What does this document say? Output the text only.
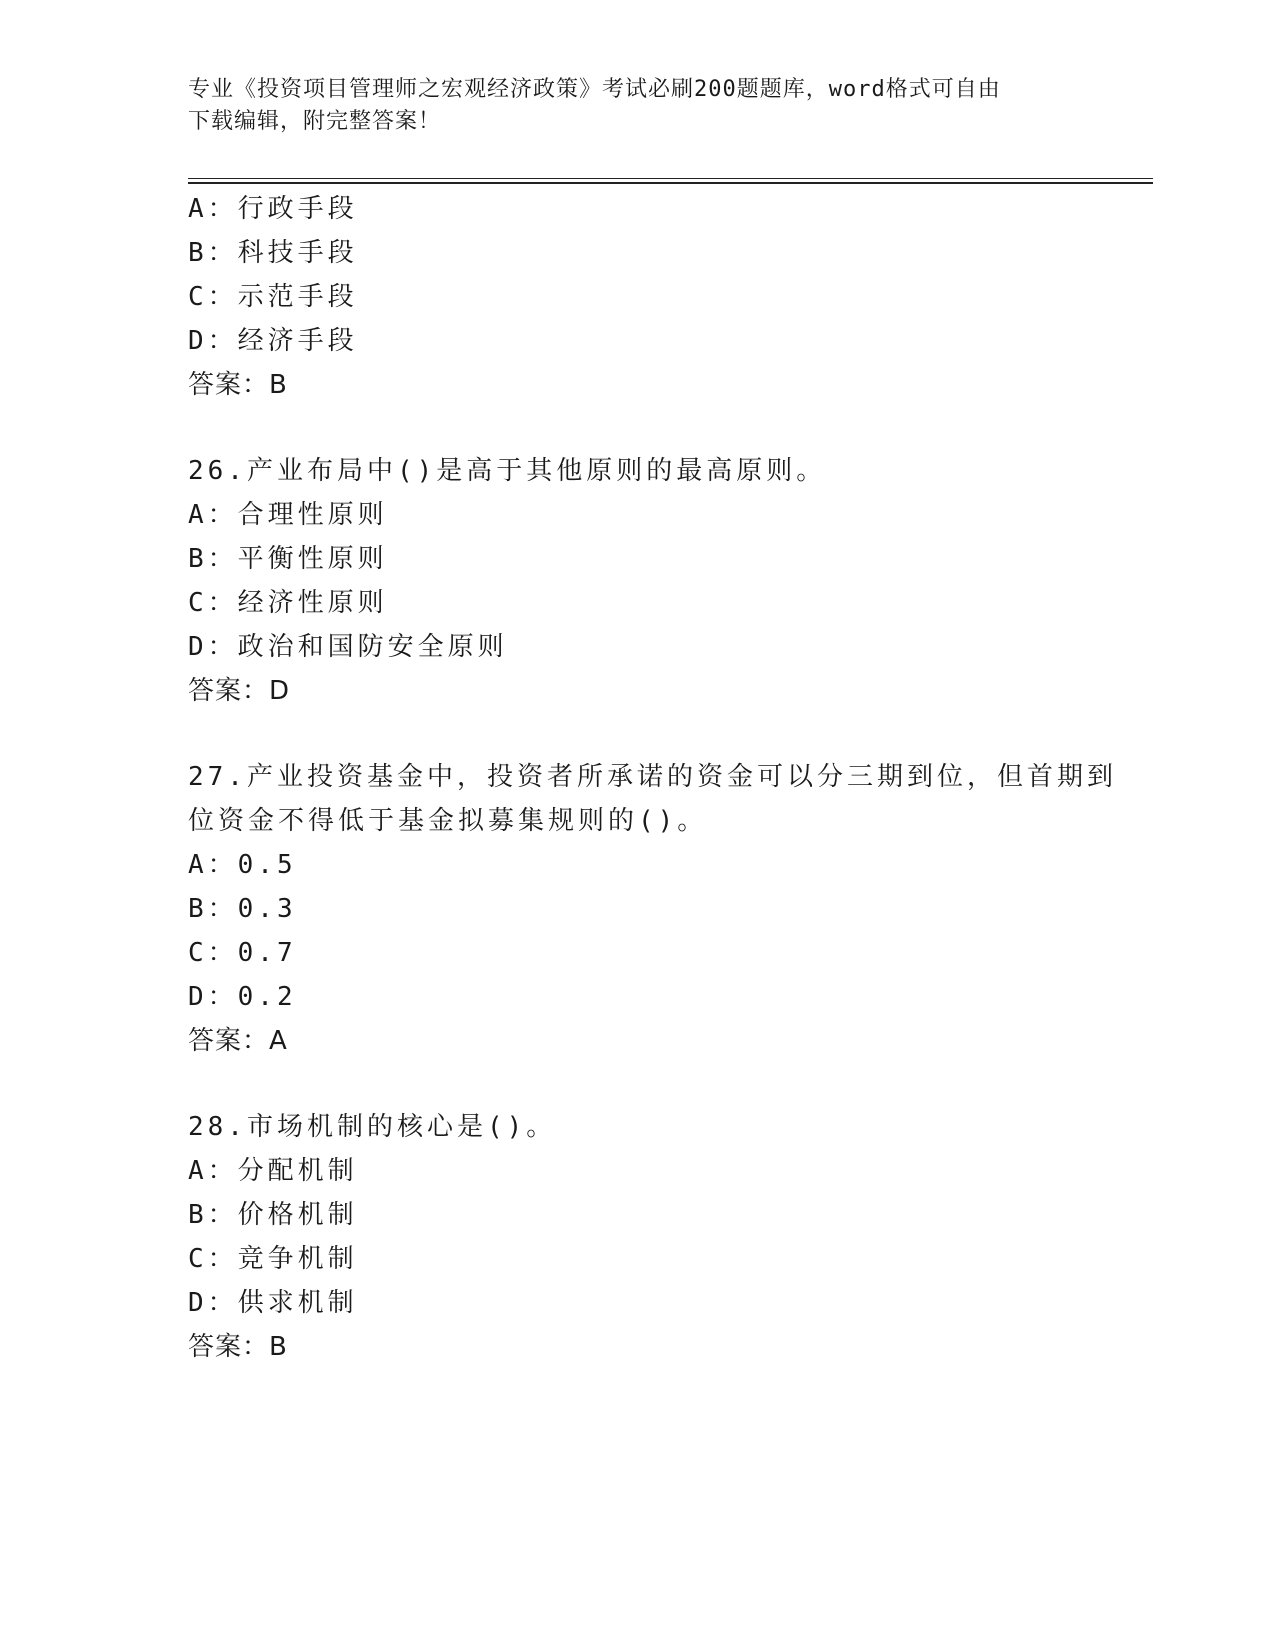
专业《投资项目管理师之宏观经济政策》考试必刷200题题库，word格式可自由
下载编辑，附完整答案！
A：行政手段
B：科技手段
C：示范手段
D：经济手段
答案：B
26.产业布局中()是高于其他原则的最高原则。
A：合理性原则
B：平衡性原则
C：经济性原则
D：政治和国防安全原则
答案：D
27.产业投资基金中，投资者所承诺的资金可以分三期到位，但首期到
位资金不得低于基金拟募集规则的()。
A：0.5
B：0.3
C：0.7
D：0.2
答案：A
28.市场机制的核心是()。
A：分配机制
B：价格机制
C：竞争机制
D：供求机制
答案：B
